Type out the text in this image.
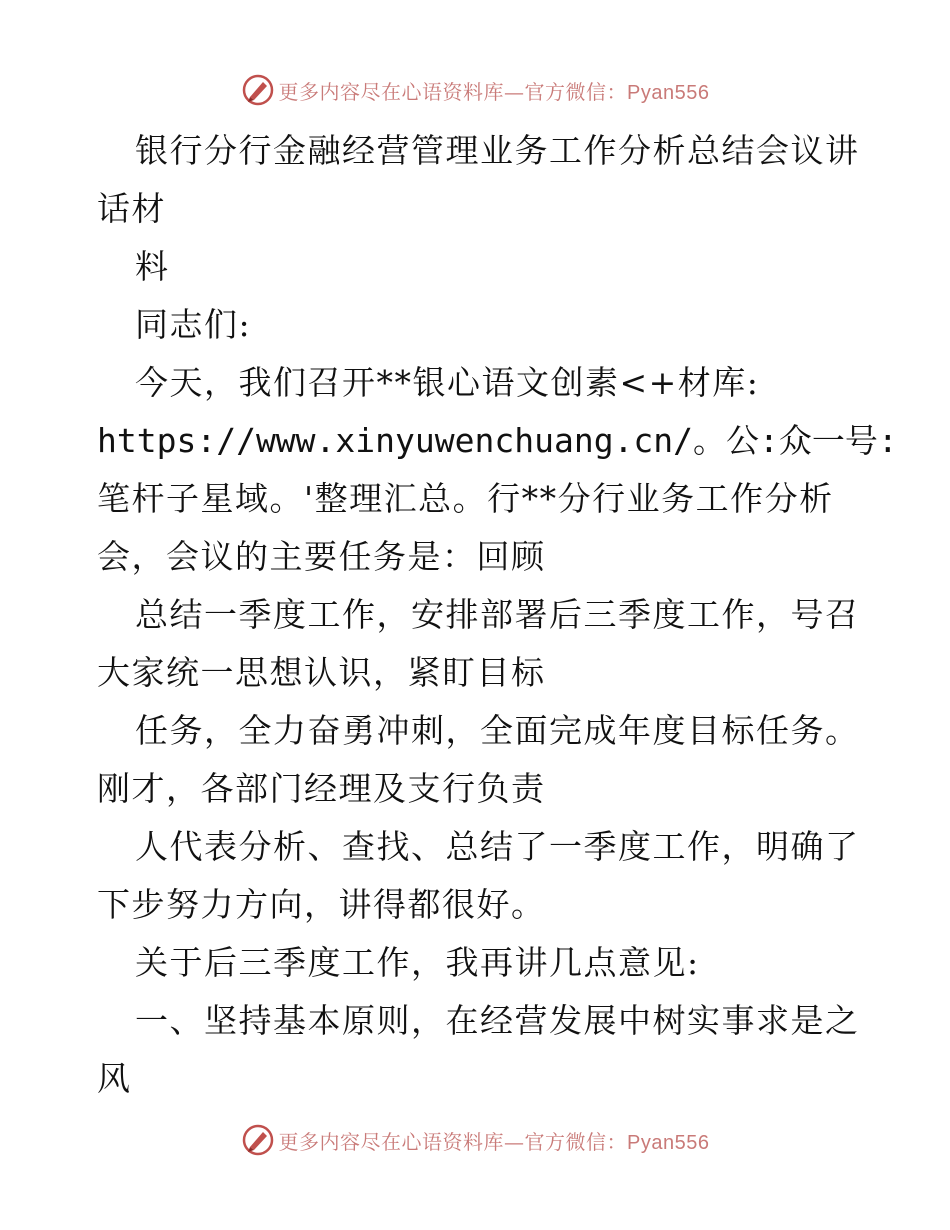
更多内容尽在心语资料库—官方微信：Pyan556
银行分行金融经营管理业务工作分析总结会议讲
话材
料
同志们:
今天，我们召开**银心语文创素<+材库:
https://www.xinyuwenchuang.cn/。公:众一号:
笔杆子星域。'整理汇总。行**分行业务工作分析
会，会议的主要任务是：回顾
总结一季度工作，安排部署后三季度工作，号召
大家统一思想认识，紧盯目标
任务，全力奋勇冲刺，全面完成年度目标任务。
刚才，各部门经理及支行负责
人代表分析、查找、总结了一季度工作，明确了
下步努力方向，讲得都很好。
关于后三季度工作，我再讲几点意见:
一、坚持基本原则，在经营发展中树实事求是之
风
更多内容尽在心语资料库—官方微信：Pyan556
